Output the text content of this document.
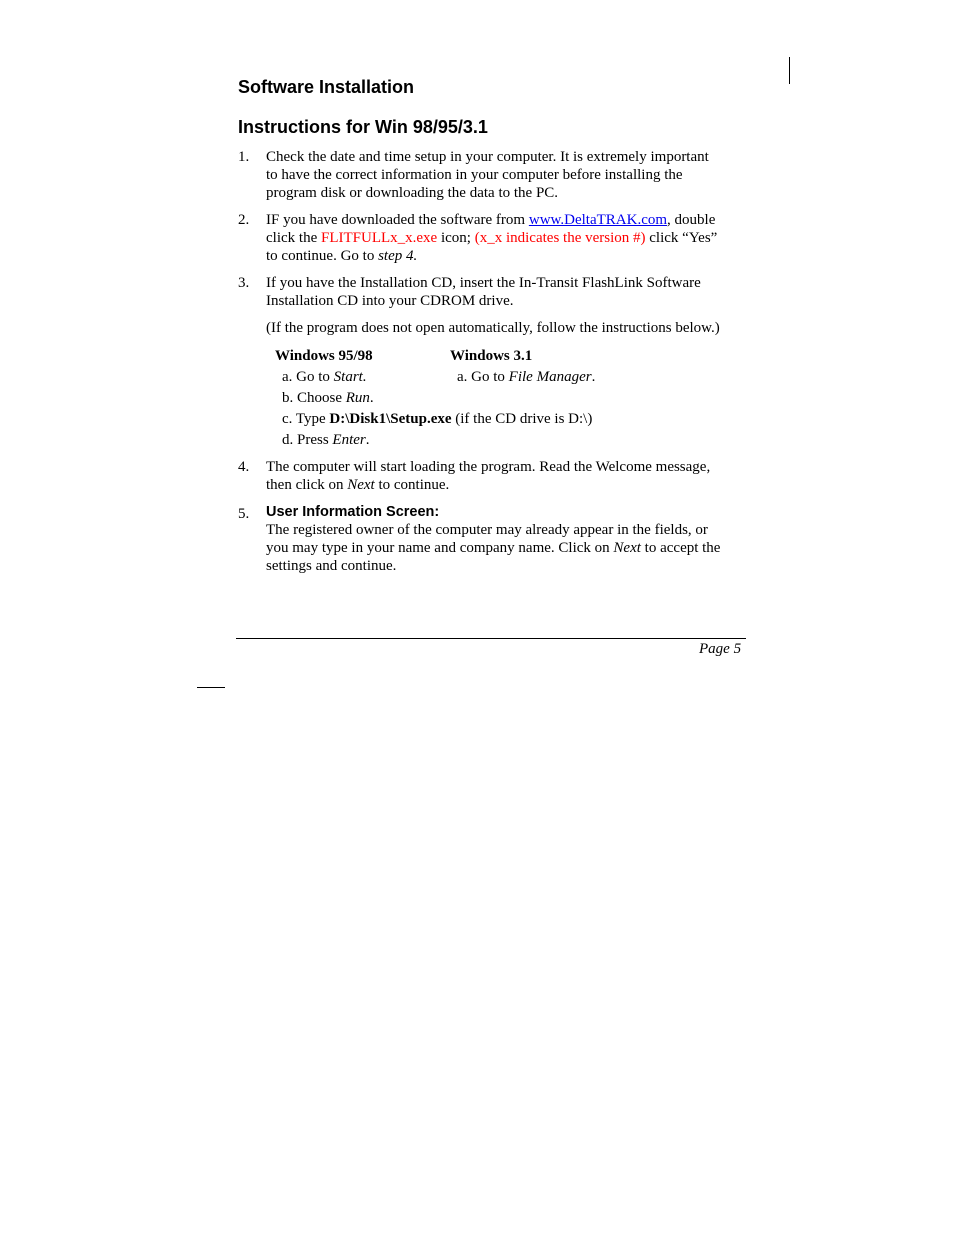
Software Installation
Instructions for Win 98/95/3.1
1. Check the date and time setup in your computer. It is extremely important
to have the correct information in your computer before installing the
program disk or downloading the data to the PC.
2. IF you have downloaded the software from www.DeltaTRAK.com, double
click the FLITFULLx_x.exe icon; (x_x indicates the version #) click “Yes”
to continue. Go to step 4.
3. If you have the Installation CD, insert the In-Transit FlashLink Software
Installation CD into your CDROM drive.
(If the program does not open automatically, follow the instructions below.)
Windows 95/98	Windows 3.1
a. Go to Start.	a. Go to File Manager.
b. Choose Run.
c. Type D:\Disk1\Setup.exe (if the CD drive is D:\)
d. Press Enter.
4. The computer will start loading the program. Read the Welcome message,
then click on Next to continue.
5. User Information Screen:
The registered owner of the computer may already appear in the fields, or
you may type in your name and company name. Click on Next to accept the
settings and continue.
Page 5
